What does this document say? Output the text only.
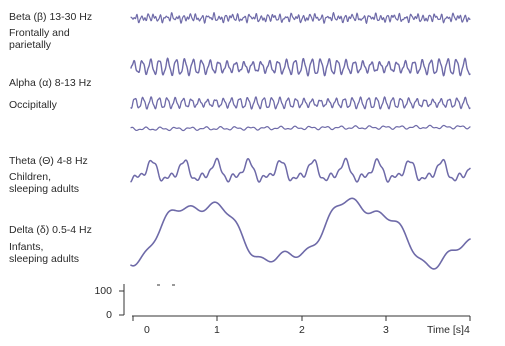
Beta (β) 13-30 Hz
Frontally and
parietally
Alpha (α) 8-13 Hz
Occipitally
Theta (Θ) 4-8 Hz
Children,
sleeping adults
Delta (δ) 0.5-4 Hz
Infants,
sleeping adults
100
0
0	1	2	3	Time [s]4
